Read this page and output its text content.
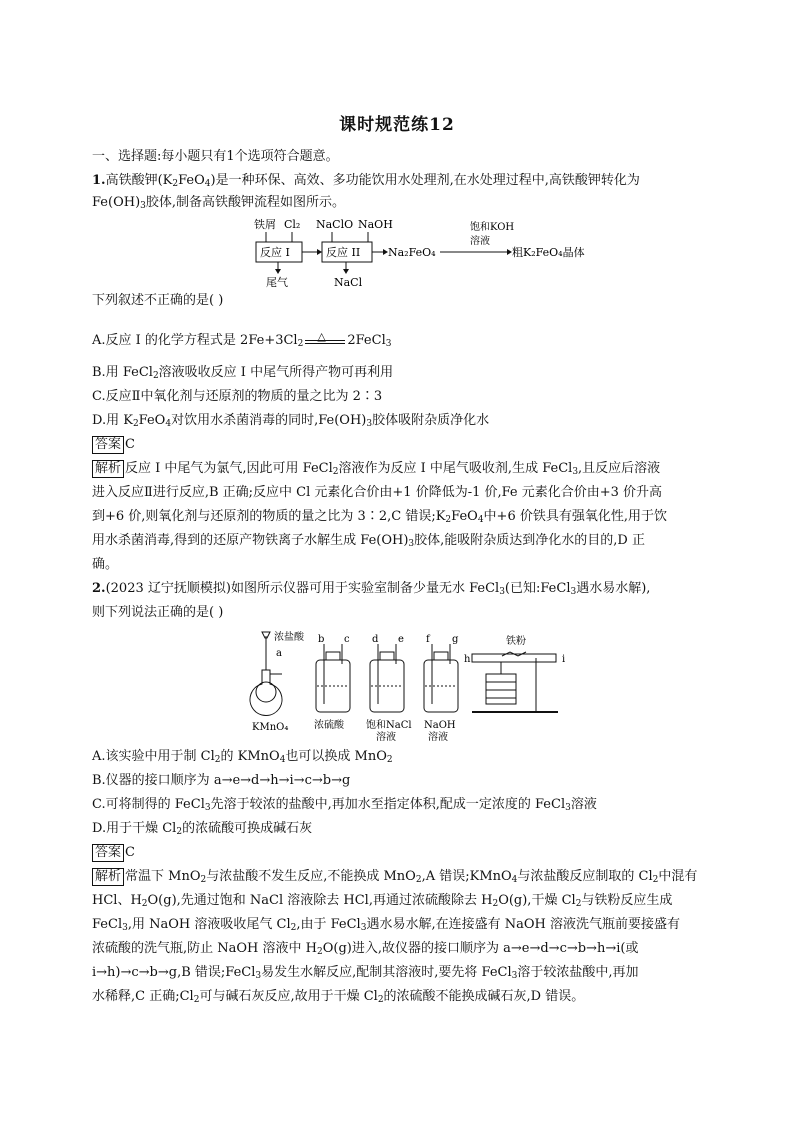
课时规范练12
一、选择题:每小题只有1个选项符合题意。
1.高铁酸钾$(K_2FeO_4)$是一种环保、高效、多功能饮用水处理剂,在水处理过程中,高铁酸钾转化为
$Fe(OH)_3$胶体,制备高铁酸钾流程如图所示。
铁屑 Cl₂ NaClO NaOH
反应 I	反应 II	Na₂FeO₄
饱和KOH
溶液
粗K₂FeO₄晶体
尾气	NaCl
下列叙述不正确的是( )
A.反应 I 的化学方程式是 $2Fe+3Cl_2$
△ 2FeCl$_3$
B.用 FeCl$_2$溶液吸收反应 I 中尾气所得产物可再利用
C.反应Ⅱ中氧化剂与还原剂的物质的量之比为 2∶3
D.用 $K_2FeO_4$对饮用水杀菌消毒的同时$,Fe(OH)_3$胶体吸附杂质净化水
答案 C
解析 反应 I 中尾气为氯气,因此可用 FeCl$_2$溶液作为反应 I 中尾气吸收剂,生成 FeCl$_3$,且反应后溶液
进入反应Ⅱ进行反应,B 正确;反应中 Cl 元素化合价由+1 价降低为-1 价,Fe 元素化合价由+3 价升高
到+6 价,则氧化剂与还原剂的物质的量之比为 3∶2,C 错误$;K_2FeO_4$中+6 价铁具有强氧化性,用于饮
用水杀菌消毒,得到的还原产物铁离子水解生成 $Fe(OH)_3$胶体,能吸附杂质达到净化水的目的,D 正
确。
2.(2023 辽宁抚顺模拟)如图所示仪器可用于实验室制备少量无水 FeCl$_3$(已知:FeCl$_3$遇水易水解),
则下列说法正确的是( )
浓盐酸
a
KMnO₄
b c
浓硫酸
d e
饱和NaCl
溶液
f g
NaOH
溶液
铁粉
h	i
A.该实验中用于制 $Cl_2$的 KMnO$_4$也可以换成 MnO$_2$
B.仪器的接口顺序为 a→e→d→h→i→c→b→g
C.可将制得的 FeCl$_3$先溶于较浓的盐酸中,再加水至指定体积,配成一定浓度的 FeCl$_3$溶液
D.用于干燥 $Cl_2$的浓硫酸可换成碱石灰
答案 C
解析 常温下 MnO$_2$与浓盐酸不发生反应,不能换成 MnO$_2$,A 错误;KMnO$_4$与浓盐酸反应制取的 $Cl_2$中混有
HCl、$H_2O(g)$,先通过饱和 NaCl 溶液除去 HCl,再通过浓硫酸除去 $H_2O(g)$,干燥 $Cl_2$与铁粉反应生成
FeCl$_3$,用 NaOH 溶液吸收尾气 $Cl_2$,由于 FeCl$_3$遇水易水解,在连接盛有 NaOH 溶液洗气瓶前要接盛有
浓硫酸的洗气瓶,防止 NaOH 溶液中 $H_2O(g)$进入,故仪器的接口顺序为 a→e→d→c→b→h→i(或
i→h)→c→b→g,B 错误;FeCl$_3$易发生水解反应,配制其溶液时,要先将 FeCl$_3$溶于较浓盐酸中,再加
水稀释,C 正确$;Cl_2$可与碱石灰反应,故用于干燥 $Cl_2$的浓硫酸不能换成碱石灰,D 错误。
